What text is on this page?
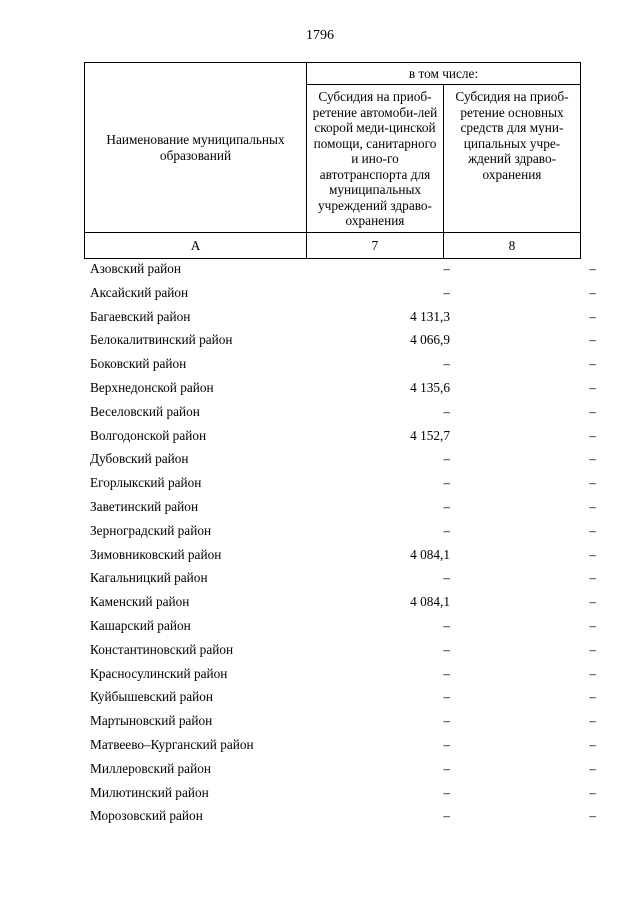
1796
Наименование муниципальных образований	в том числе:	
	Субсидия на приоб-ретение автомоби-лей скорой меди-цинской помощи, санитарного и ино-го автотранспорта для муниципальных учреждений здраво-охранения	Субсидия на приоб-ретение основных средств для муни-ципальных учре-ждений здраво-охранения
А	7	8
Азовский район	–	–
Аксайский район	–	–
Багаевский район	4 131,3	–
Белокалитвинский район	4 066,9	–
Боковский район	–	–
Верхнедонской район	4 135,6	–
Веселовский район	–	–
Волгодонской район	4 152,7	–
Дубовский район	–	–
Егорлыкский район	–	–
Заветинский район	–	–
Зерноградский район	–	–
Зимовниковский район	4 084,1	–
Кагальницкий район	–	–
Каменский район	4 084,1	–
Кашарский район	–	–
Константиновский район	–	–
Красносулинский район	–	–
Куйбышевский район	–	–
Мартыновский район	–	–
Матвеево–Курганский район	–	–
Миллеровский район	–	–
Милютинский район	–	–
Морозовский район	–	–
